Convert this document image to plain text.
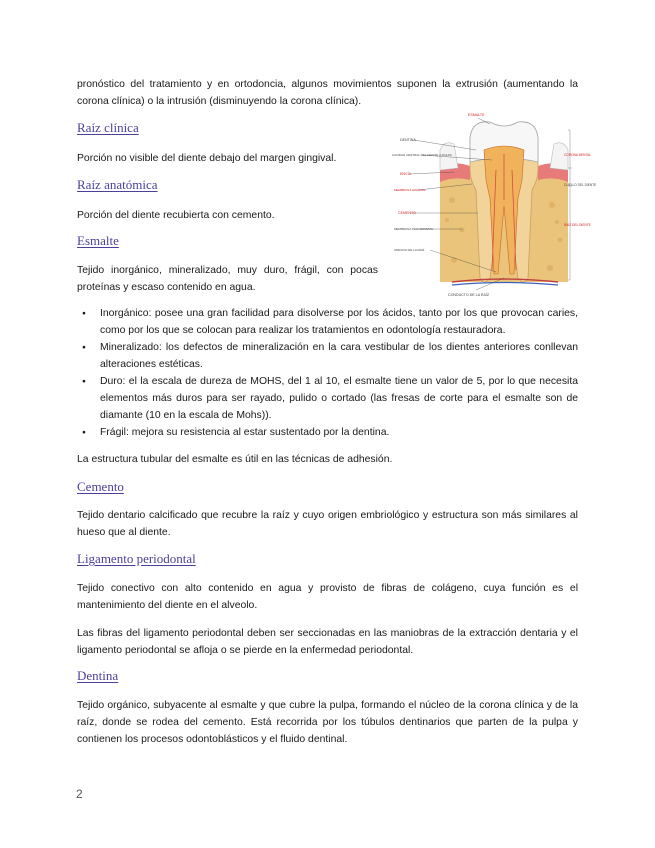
pronóstico del tratamiento y en ortodoncia, algunos movimientos suponen la extrusión (aumentando la corona clínica) o la intrusión (disminuyendo la corona clínica).

Raíz clínica

Porción no visible del diente debajo del margen gingival.

Raíz anatómica

Porción del diente recubierta con cemento.

Esmalte

Tejido inorgánico, mineralizado, muy duro, frágil, con pocas proteínas y escaso contenido en agua.

● Inorgánico: posee una gran facilidad para disolverse por los ácidos, tanto por los que provocan caries, como por los que se colocan para realizar los tratamientos en odontología restauradora.
● Mineralizado: los defectos de mineralización en la cara vestibular de los dientes anteriores conllevan alteraciones estéticas.
● Duro: el la escala de dureza de MOHS, del 1 al 10, el esmalte tiene un valor de 5, por lo que necesita elementos más duros para ser rayado, pulido o cortado (las fresas de corte para el esmalte son de diamante (10 en la escala de Mohs)).
● Frágil: mejora su resistencia al estar sustentado por la dentina.

La estructura tubular del esmalte es útil en las técnicas de adhesión.

Cemento

Tejido dentario calcificado que recubre la raíz y cuyo origen embriológico y estructura son más similares al hueso que al diente.

Ligamento periodontal

Tejido conectivo con alto contenido en agua y provisto de fibras de colágeno, cuya función es el mantenimiento del diente en el alveolo.

Las fibras del ligamento periodontal deben ser seccionadas en las maniobras de la extracción dentaria y el ligamento periodontal se afloja o se pierde en la enfermedad periodontal.

Dentina

Tejido orgánico, subyacente al esmalte y que cubre la pulpa, formando el núcleo de la corona clínica y de la raíz, donde se rodea del cemento. Está recorrida por los túbulos dentinarios que parten de la pulpa y contienen los procesos odontoblásticos y el fluido dentinal.

2
ESMALTE
DENTINA
CAVIDAD CENTRAL DEL DIENTE O PULPA
ENCÍA
MEMBRANA GINGIVAL
CEMENTO
MEMBRANA PERIODONTAL
ORIFICIO DE LA RAÍZ
CORONA DENTAL
CUELLO DEL DIENTE
RAÍZ DEL DIENTE
CONDUCTO DE LA RAÍZ
